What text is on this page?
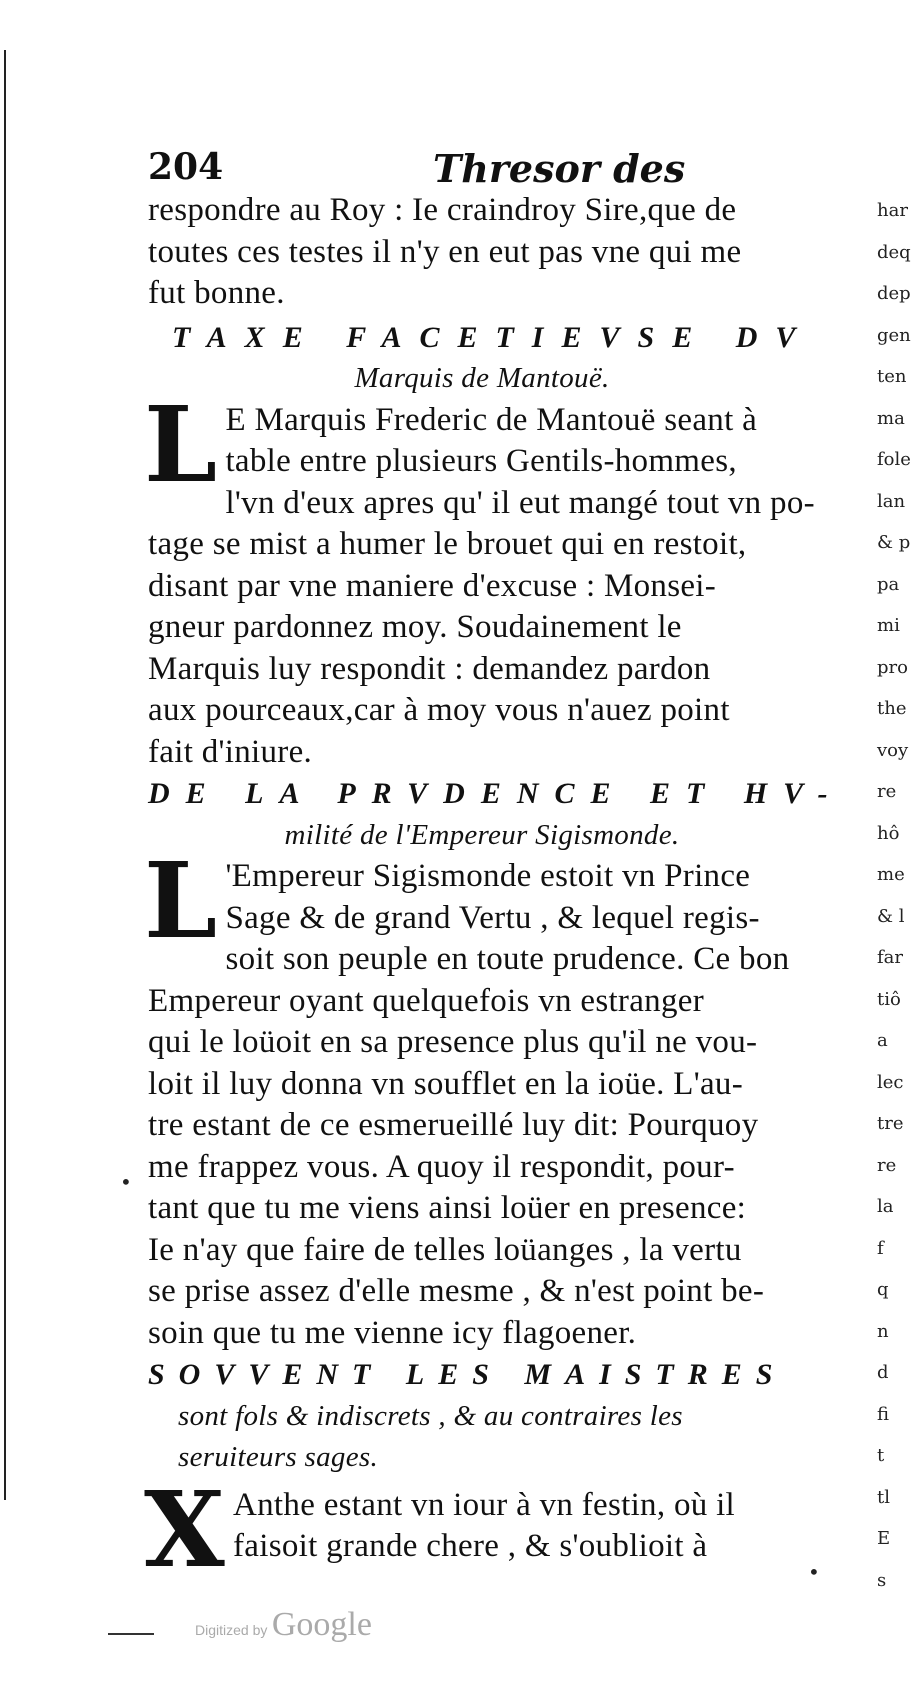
204	Thresor des
respondre au Roy : Ie craindroy Sire,que de
toutes ces testes il n'y en eut pas vne qui me
fut bonne.
TAXE FACETIEVSE DV
Marquis de Mantouë.
L E Marquis Frederic de Mantouë seant à
table entre plusieurs Gentils-hommes,
l'vn d'eux apres qu' il eut mangé tout vn po-
tage se mist a humer le brouet qui en restoit,
disant par vne maniere d'excuse : Monsei-
gneur pardonnez moy. Soudainement le
Marquis luy respondit : demandez pardon
aux pourceaux,car à moy vous n'auez point
fait d'iniure.
DE LA PRVDENCE ET HV-
milité de l'Empereur Sigismonde.
L 'Empereur Sigismonde estoit vn Prince
Sage & de grand Vertu , & lequel regis-
soit son peuple en toute prudence. Ce bon
Empereur oyant quelquefois vn estranger
qui le loüoit en sa presence plus qu'il ne vou-
loit il luy donna vn soufflet en la ioüe. L'au-
tre estant de ce esmerueillé luy dit: Pourquoy
me frappez vous. A quoy il respondit, pour-
tant que tu me viens ainsi loüer en presence:
Ie n'ay que faire de telles loüanges , la vertu
se prise assez d'elle mesme , & n'est point be-
soin que tu me vienne icy flagoener.
SOVVENT LES MAISTRES
sont fols & indiscrets , & au contraires les
seruiteurs sages.
X Anthe estant vn iour à vn festin, où il
faisoit grande chere , & s'oublioit à
har
deq
dep
gen
ten
ma
fole
lan
& p
pa
mi
pro
the
voy
re
hô
me
& l
far
tiô
a
lec
tre
re
la
f
q
n
d
fi
t
tl
E
s
•
•
Digitized by Google
